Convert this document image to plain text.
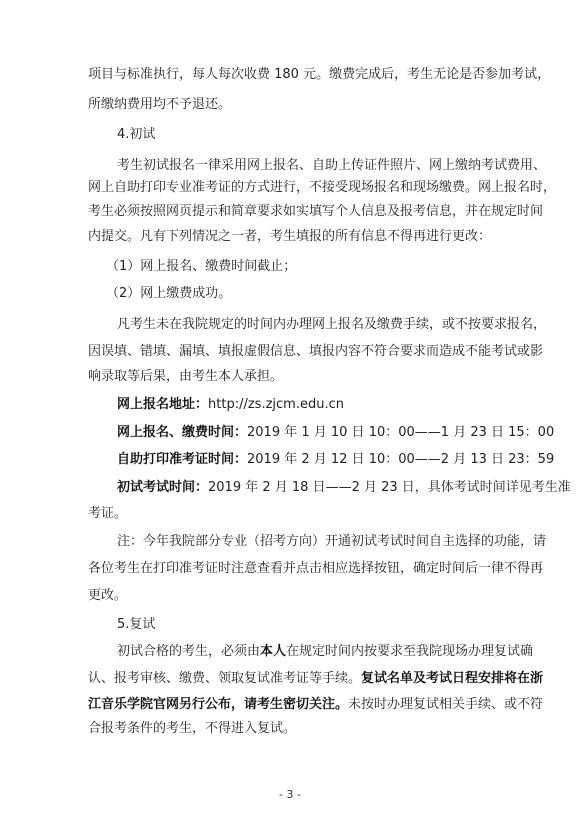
项目与标准执行，每人每次收费 180 元。缴费完成后，考生无论是否参加考试，
所缴纳费用均不予退还。
4.初试
考生初试报名一律采用网上报名、自助上传证件照片、网上缴纳考试费用、
网上自助打印专业准考证的方式进行，不接受现场报名和现场缴费。网上报名时，
考生必须按照网页提示和简章要求如实填写个人信息及报考信息，并在规定时间
内提交。凡有下列情况之一者，考生填报的所有信息不得再进行更改：
（1）网上报名、缴费时间截止；
（2）网上缴费成功。
凡考生未在我院规定的时间内办理网上报名及缴费手续，或不按要求报名，
因误填、错填、漏填、填报虚假信息、填报内容不符合要求而造成不能考试或影
响录取等后果，由考生本人承担。
网上报名地址：http://zs.zjcm.edu.cn
网上报名、缴费时间：2019 年 1 月 10 日 10：00——1 月 23 日 15：00
自助打印准考证时间：2019 年 2 月 12 日 10：00——2 月 13 日 23：59
初试考试时间：2019 年 2 月 18 日——2 月 23 日，具体考试时间详见考生准
考证。
注：今年我院部分专业（招考方向）开通初试考试时间自主选择的功能，请
各位考生在打印准考证时注意查看并点击相应选择按钮，确定时间后一律不得再
更改。
5.复试
初试合格的考生，必须由本人在规定时间内按要求至我院现场办理复试确
认、报考审核、缴费、领取复试准考证等手续。复试名单及考试日程安排将在浙
江音乐学院官网另行公布，请考生密切关注。未按时办理复试相关手续、或不符
合报考条件的考生，不得进入复试。
- 3 -
